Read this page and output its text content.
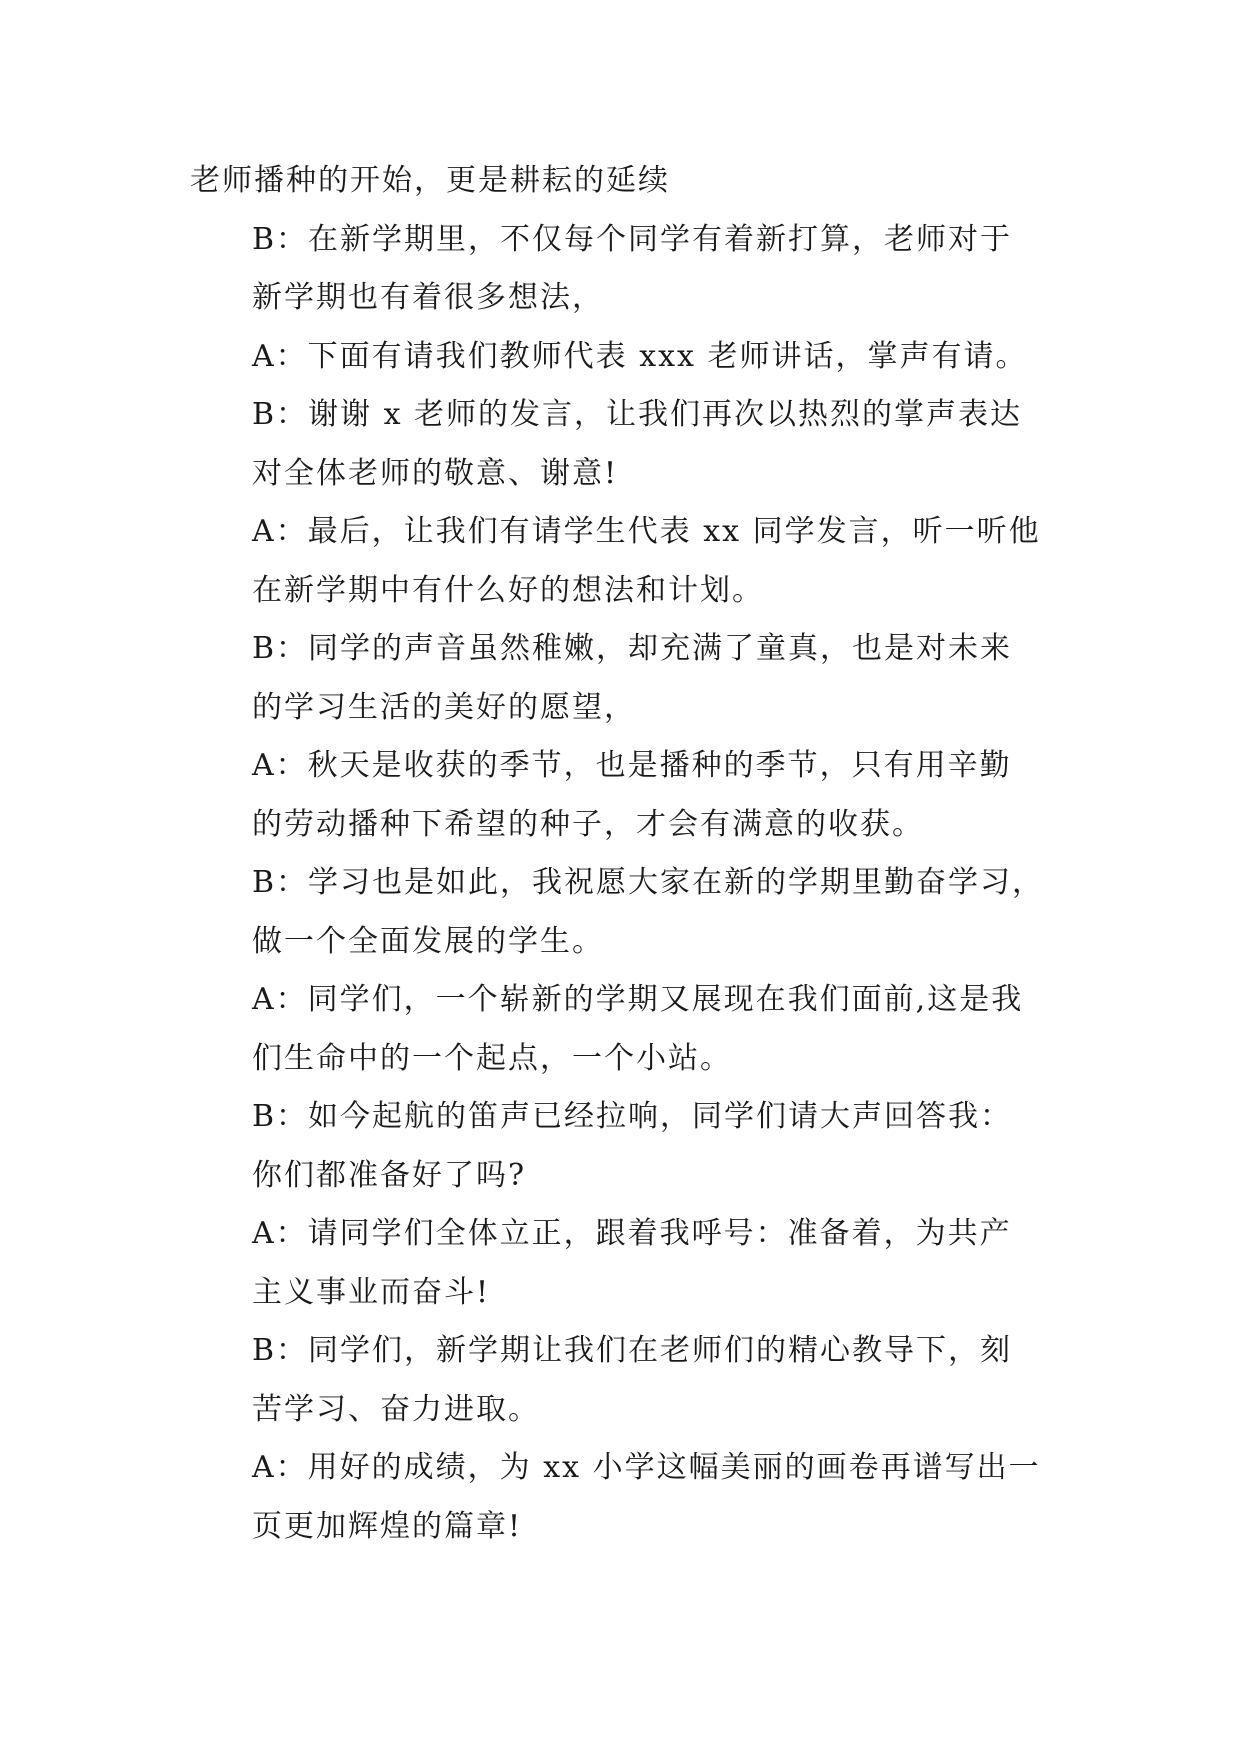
老师播种的开始，更是耕耘的延续

B：在新学期里，不仅每个同学有着新打算，老师对于
新学期也有着很多想法，

A：下面有请我们教师代表 xxx 老师讲话，掌声有请。

B：谢谢 x 老师的发言，让我们再次以热烈的掌声表达
对全体老师的敬意、谢意!

A：最后，让我们有请学生代表 xx 同学发言，听一听他
在新学期中有什么好的想法和计划。

B：同学的声音虽然稚嫩，却充满了童真，也是对未来
的学习生活的美好的愿望，

A：秋天是收获的季节，也是播种的季节，只有用辛勤
的劳动播种下希望的种子，才会有满意的收获。

B：学习也是如此，我祝愿大家在新的学期里勤奋学习，
做一个全面发展的学生。

A：同学们，一个崭新的学期又展现在我们面前,这是我
们生命中的一个起点，一个小站。

B：如今起航的笛声已经拉响，同学们请大声回答我：
你们都准备好了吗?

A：请同学们全体立正，跟着我呼号：准备着，为共产
主义事业而奋斗!

B：同学们，新学期让我们在老师们的精心教导下，刻
苦学习、奋力进取。

A：用好的成绩，为 xx 小学这幅美丽的画卷再谱写出一
页更加辉煌的篇章!
